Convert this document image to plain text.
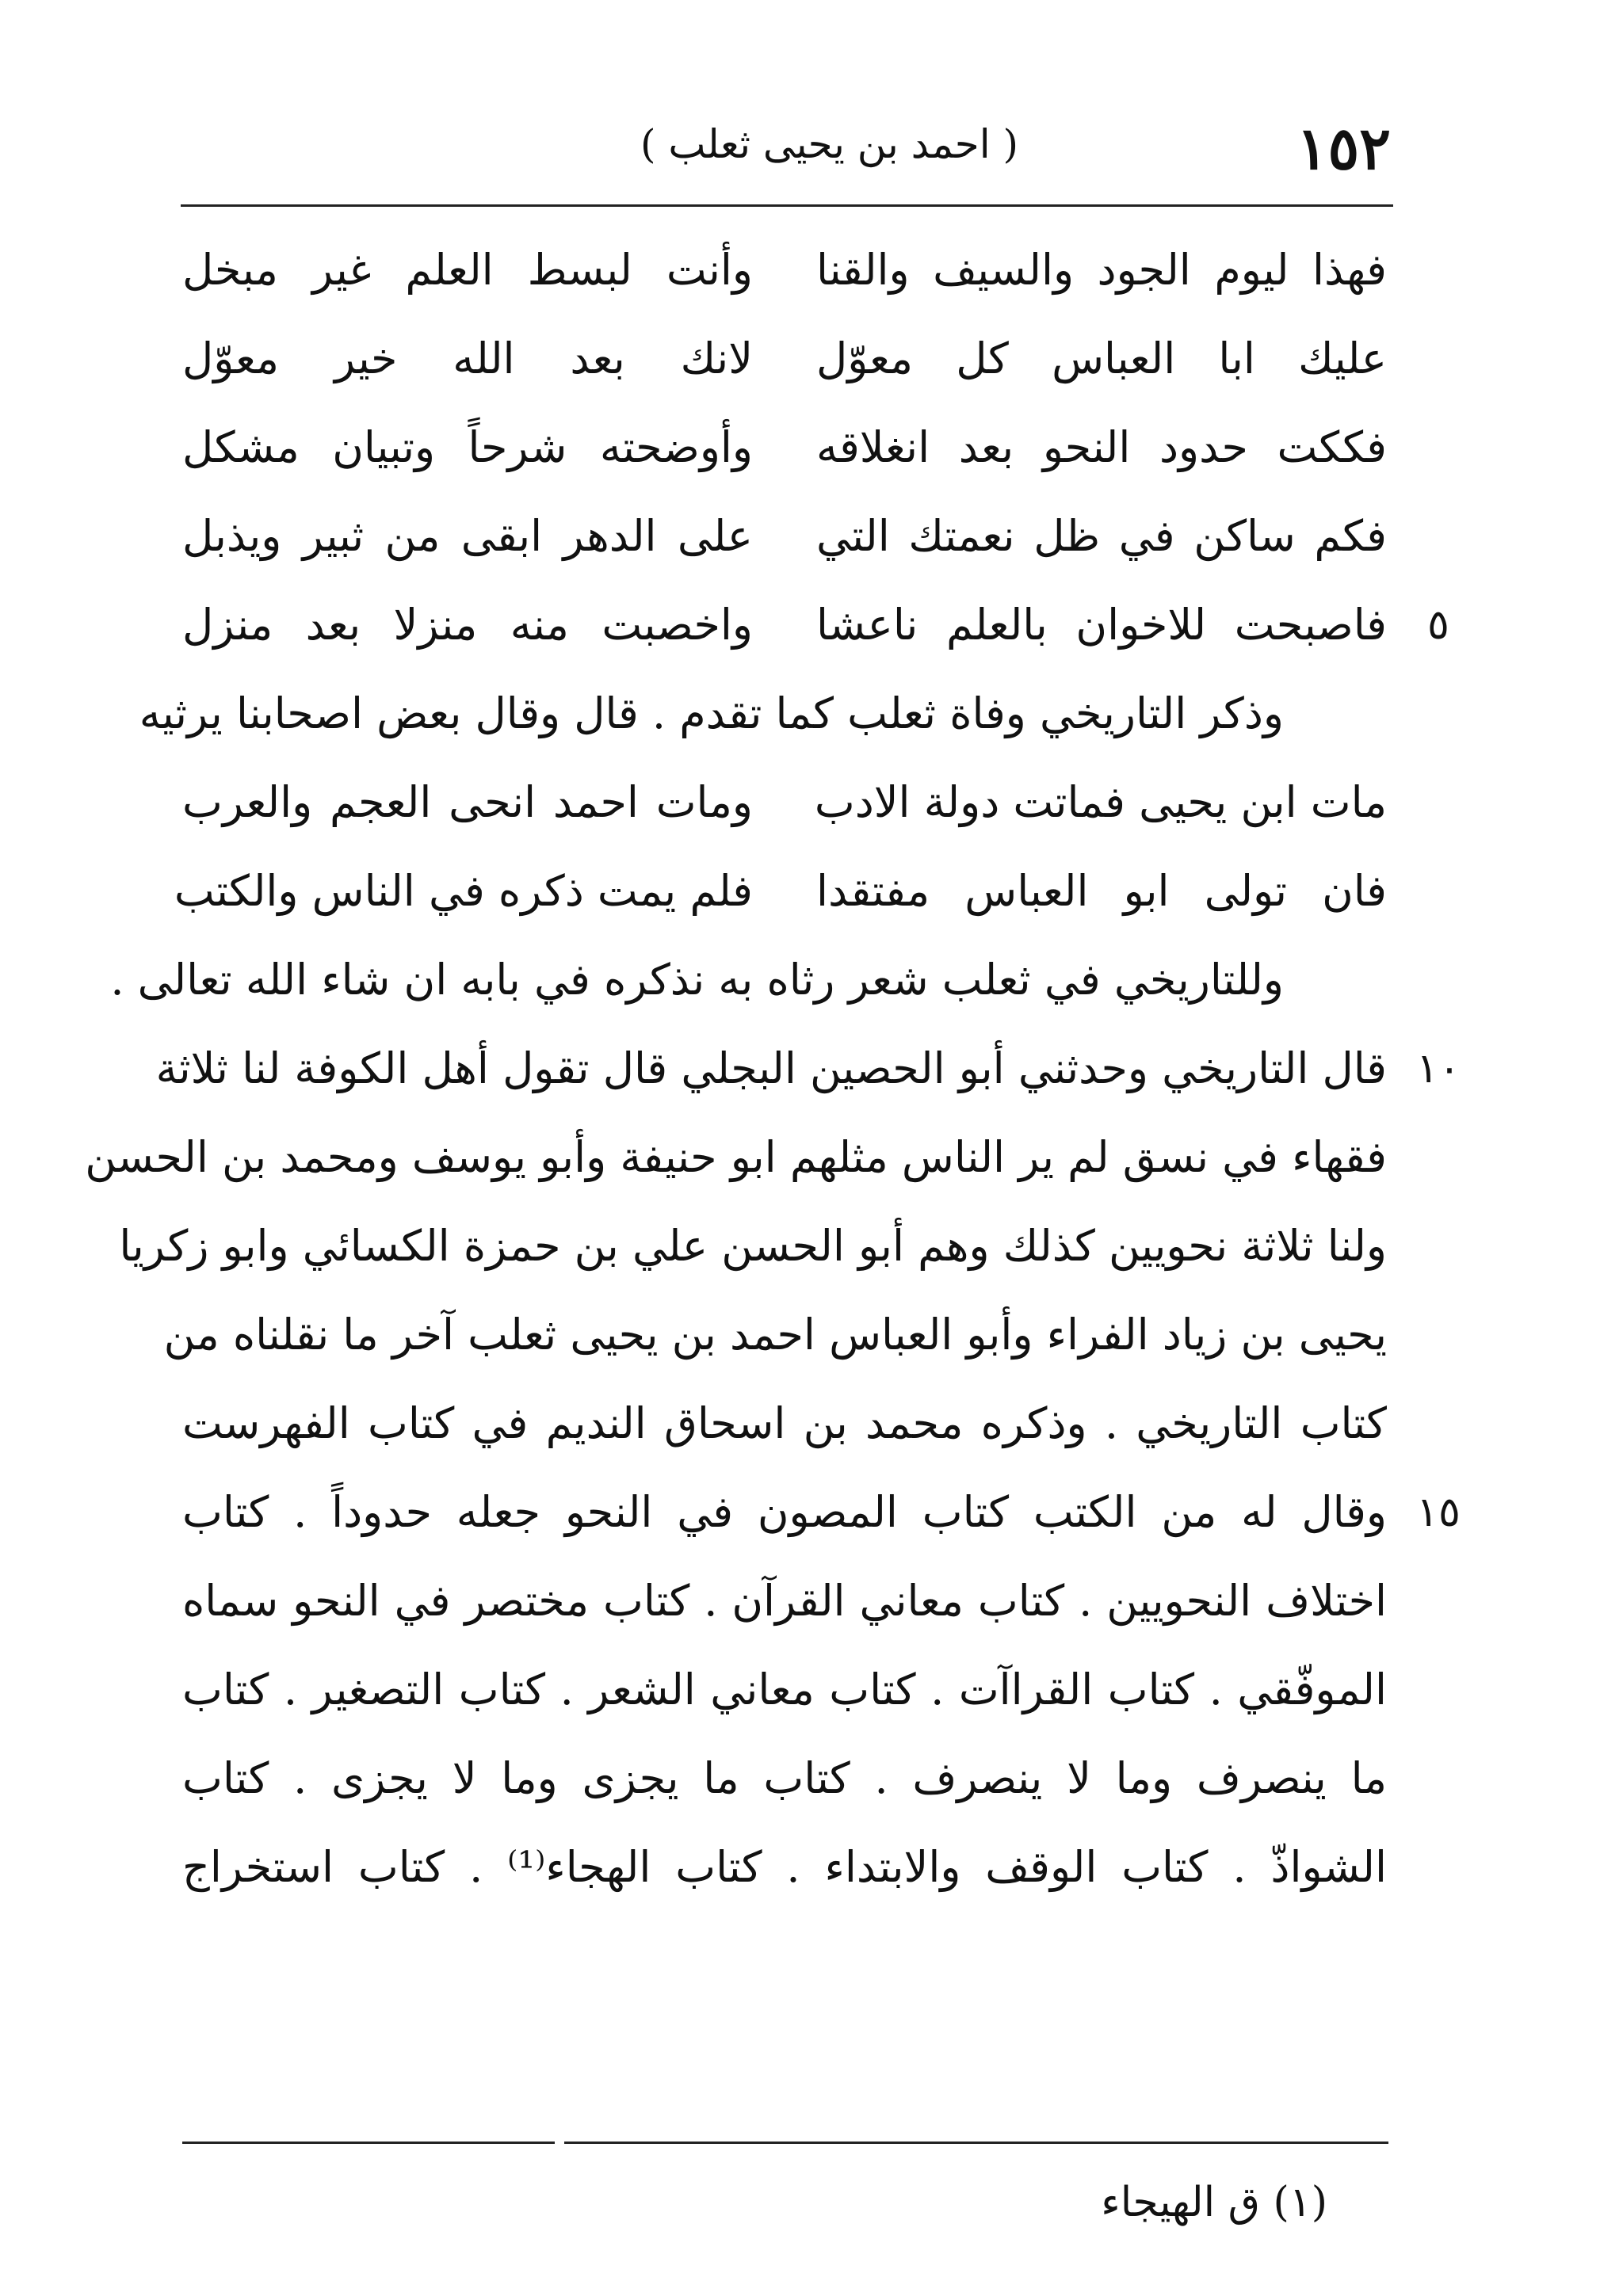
١٥٢
( احمد بن يحيى ثعلب )
فهذا ليوم الجود والسيف والقنا
وأنت لبسط العلم غير مبخل
عليك ابا العباس كل معوّل
لانك بعد الله خير معوّل
فككت حدود النحو بعد انغلاقه
وأوضحته شرحاً وتبيان مشكل
فكم ساكن في ظل نعمتك التي
على الدهر ابقى من ثبير ويذبل
فاصبحت للاخوان بالعلم ناعشا
واخصبت منه منزلا بعد منزل	٥
وذكر التاريخي وفاة ثعلب كما تقدم . قال وقال بعض اصحابنا يرثيه
مات ابن يحيى فماتت دولة الادب
ومات احمد انحى العجم والعرب
فان تولى ابو العباس مفتقدا
فلم يمت ذكره في الناس والكتب
وللتاريخي في ثعلب شعر رثاه به نذكره في بابه ان شاء الله تعالى .
قال التاريخي وحدثني أبو الحصين البجلي قال تقول أهل الكوفة لنا ثلاثة ١٠
فقهاء في نسق لم ير الناس مثلهم ابو حنيفة وأبو يوسف ومحمد بن الحسن
ولنا ثلاثة نحويين كذلك وهم أبو الحسن علي بن حمزة الكسائي وابو زكريا
يحيى بن زياد الفراء وأبو العباس احمد بن يحيى ثعلب آخر ما نقلناه من
كتاب التاريخي . وذكره محمد بن اسحاق النديم في كتاب الفهرست
وقال له من الكتب كتاب المصون في النحو جعله حدوداً . كتاب ١٥
اختلاف النحويين . كتاب معاني القرآن . كتاب مختصر في النحو سماه
الموفّقي . كتاب القراآت . كتاب معاني الشعر . كتاب التصغير . كتاب
ما ينصرف وما لا ينصرف . كتاب ما يجزى وما لا يجزى . كتاب
الشواذّ . كتاب الوقف والابتداء . كتاب الهجاء⁽¹⁾ . كتاب استخراج
(١) ق الهيجاء
